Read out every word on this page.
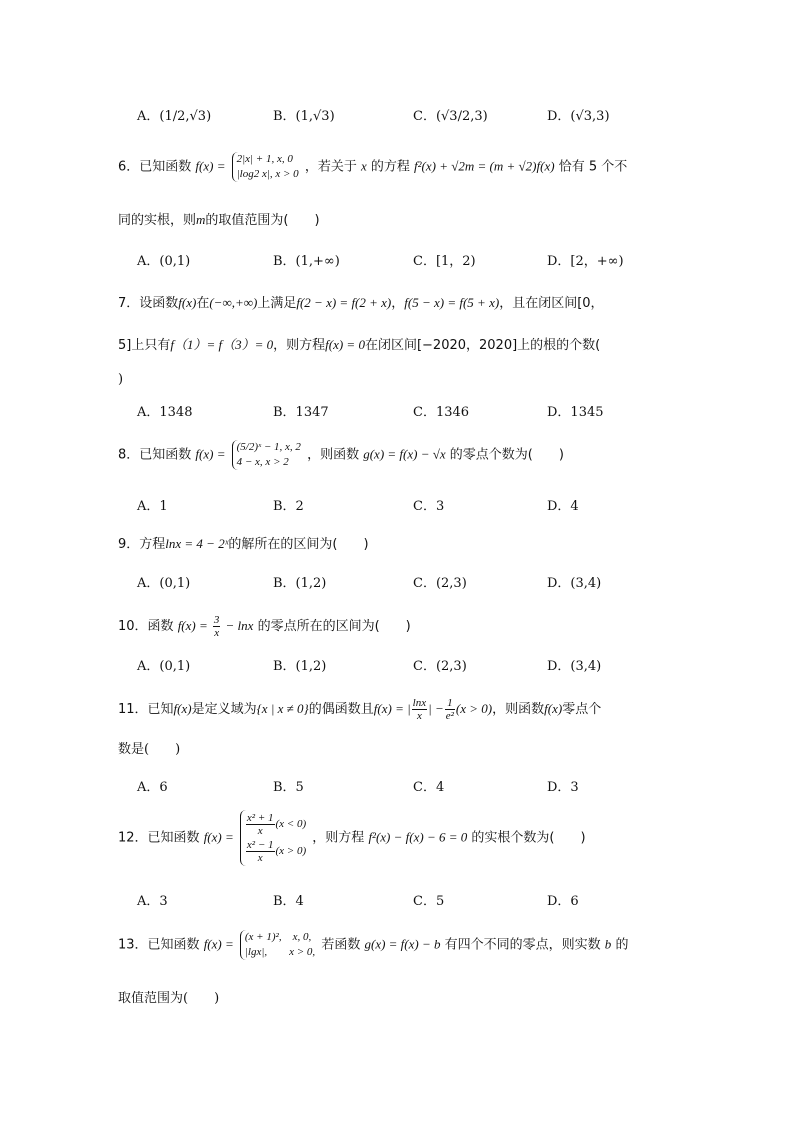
A．(1/2,√3)	B．(1,√3)	C．(√3/2,3)	D．(√3,3)
6．已知函数 f(x) = 2|x| + 1, x, 0
|log2 x|, x > 0 ，若关于 x 的方程 f²(x) + √2m = (m + √2)f(x) 恰有 5 个不
同的实根，则m的取值范围为(　　)
A．(0,1)	B．(1,+∞)	C．[1，2)	D．[2，+∞)
7．设函数f(x)在(−∞,+∞)上满足f(2 − x) = f(2 + x)，f(5 − x) = f(5 + x)，且在闭区间[0，
5]上只有f（1）= f（3）= 0，则方程f(x) = 0在闭区间[−2020，2020]上的根的个数(
)
A．1348	B．1347	C．1346	D．1345
8．已知函数 f(x) = (5/2)ˣ − 1, x, 2
4 − x, x > 2	，则函数 g(x) = f(x) − √x 的零点个数为(　　)
A．1	B．2	C．3	D．4
9．方程lnx = 4 − 2ˣ的解所在的区间为(　　)
A．(0,1)	B．(1,2)	C．(2,3)	D．(3,4)
10．函数 $f(x) = \frac{3}{x} - \ln x$ 的零点所在的区间为(　　)
A．(0,1)	B．(1,2)	C．(2,3)	D．(3,4)
11．已知f(x)是定义域为{x | x ≠ 0}的偶函数且f(x) = | $\frac{\ln x}{x}$ | − $\frac{1}{\text{e²}} (x > 0)$，则函数f(x)零点个
数是(　　)
A．6	B．5	C．4	D．3
12．已知函数 $f(x) = \frac{\text{x² + 1}}{x} (x < 0)$
$\frac{\text{x² − 1}}{x} (x > 0)$
，则方程 f²(x) − f(x) − 6 = 0 的实根个数为(　　)
A．3	B．4	C．5	D．6
13．已知函数 f(x) = (x + 1)²,　x, 0,
|lgx|,　　x > 0, 若函数 g(x) = f(x) − b 有四个不同的零点，则实数 b 的
取值范围为(　　)
